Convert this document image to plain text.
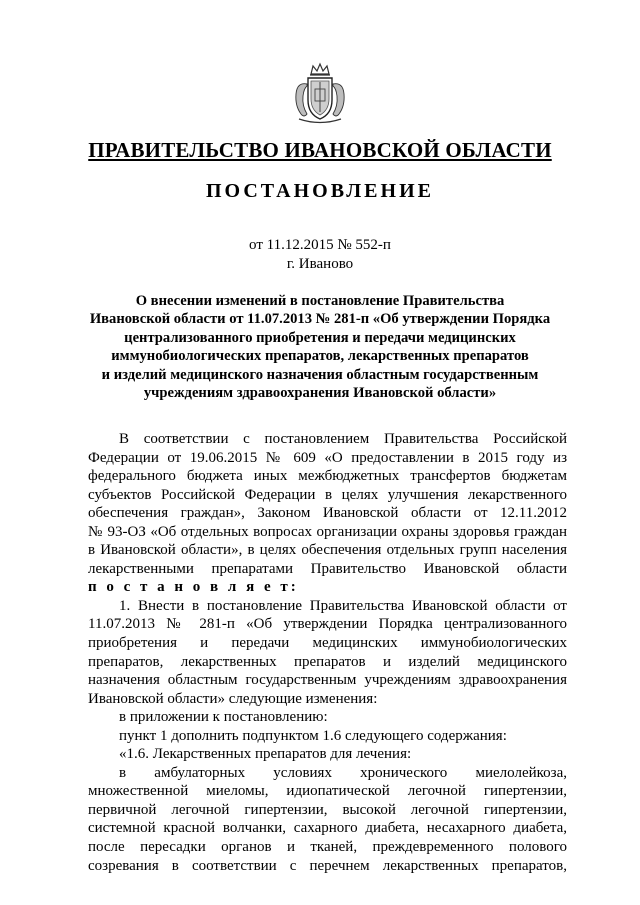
ПРАВИТЕЛЬСТВО ИВАНОВСКОЙ ОБЛАСТИ
ПОСТАНОВЛЕНИЕ
от 11.12.2015 № 552-п
г. Иваново
О внесении изменений в постановление Правительства
Ивановской области от 11.07.2013 № 281-п «Об утверждении Порядка
централизованного приобретения и передачи медицинских
иммунобиологических препаратов, лекарственных препаратов
и изделий медицинского назначения областным государственным
учреждениям здравоохранения Ивановской области»
В соответствии с постановлением Правительства Российской
Федерации от 19.06.2015 № 609 «О предоставлении в 2015 году из
федерального бюджета иных межбюджетных трансфертов бюджетам
субъектов Российской Федерации в целях улучшения лекарственного
обеспечения граждан», Законом Ивановской области от 12.11.2012
№ 93-ОЗ «Об отдельных вопросах организации охраны здоровья граждан
в Ивановской области», в целях обеспечения отдельных групп населения
лекарственными препаратами Правительство Ивановской области
п о с т а н о в л я е т:
1. Внести в постановление Правительства Ивановской области от
11.07.2013 № 281-п «Об утверждении Порядка централизованного
приобретения и передачи медицинских иммунобиологических
препаратов, лекарственных препаратов и изделий медицинского
назначения областным государственным учреждениям здравоохранения
Ивановской области» следующие изменения:
в приложении к постановлению:
пункт 1 дополнить подпунктом 1.6 следующего содержания:
«1.6. Лекарственных препаратов для лечения:
в амбулаторных условиях хронического миелолейкоза,
множественной миеломы, идиопатической легочной гипертензии,
первичной легочной гипертензии, высокой легочной гипертензии,
системной красной волчанки, сахарного диабета, несахарного диабета,
после пересадки органов и тканей, преждевременного полового
созревания в соответствии с перечнем лекарственных препаратов,
